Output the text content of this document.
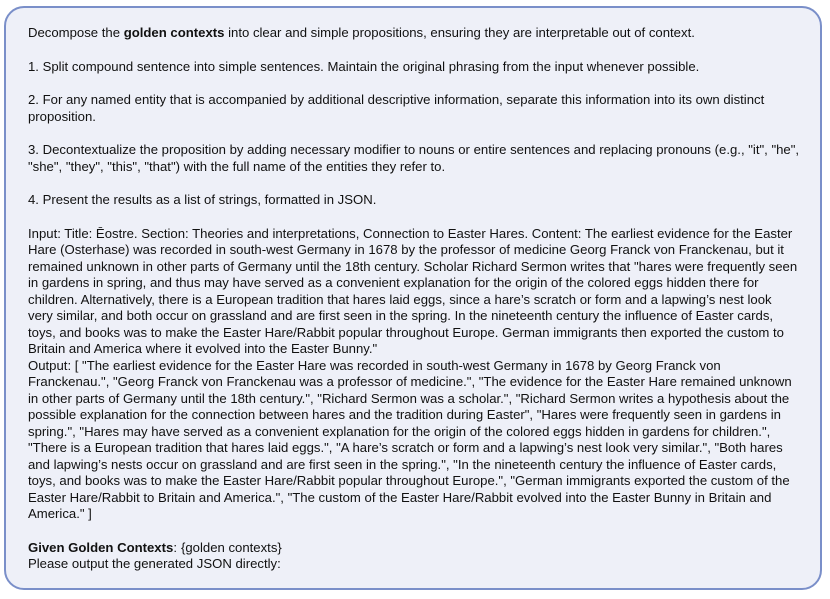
Decompose the golden contexts into clear and simple propositions, ensuring they are interpretable out of context.

1. Split compound sentence into simple sentences. Maintain the original phrasing from the input whenever possible.

2. For any named entity that is accompanied by additional descriptive information, separate this information into its own distinct proposition.

3. Decontextualize the proposition by adding necessary modifier to nouns or entire sentences and replacing pronouns (e.g., "it", "he", "she", "they", "this", "that") with the full name of the entities they refer to.

4. Present the results as a list of strings, formatted in JSON.

Input: Title: Ēostre. Section: Theories and interpretations, Connection to Easter Hares. Content: The earliest evidence for the Easter Hare (Osterhase) was recorded in south-west Germany in 1678 by the professor of medicine Georg Franck von Franckenau, but it remained unknown in other parts of Germany until the 18th century. Scholar Richard Sermon writes that "hares were frequently seen in gardens in spring, and thus may have served as a convenient explanation for the origin of the colored eggs hidden there for children. Alternatively, there is a European tradition that hares laid eggs, since a hare’s scratch or form and a lapwing’s nest look very similar, and both occur on grassland and are first seen in the spring. In the nineteenth century the influence of Easter cards, toys, and books was to make the Easter Hare/Rabbit popular throughout Europe. German immigrants then exported the custom to Britain and America where it evolved into the Easter Bunny."

Output: [ "The earliest evidence for the Easter Hare was recorded in south-west Germany in 1678 by Georg Franck von Franckenau.", "Georg Franck von Franckenau was a professor of medicine.", "The evidence for the Easter Hare remained unknown in other parts of Germany until the 18th century.", "Richard Sermon was a scholar.", "Richard Sermon writes a hypothesis about the possible explanation for the connection between hares and the tradition during Easter", "Hares were frequently seen in gardens in spring.", "Hares may have served as a convenient explanation for the origin of the colored eggs hidden in gardens for children.", "There is a European tradition that hares laid eggs.", "A hare’s scratch or form and a lapwing’s nest look very similar.", "Both hares and lapwing’s nests occur on grassland and are first seen in the spring.", "In the nineteenth century the influence of Easter cards, toys, and books was to make the Easter Hare/Rabbit popular throughout Europe.", "German immigrants exported the custom of the Easter Hare/Rabbit to Britain and America.", "The custom of the Easter Hare/Rabbit evolved into the Easter Bunny in Britain and America." ]

Given Golden Contexts: {golden contexts}

Please output the generated JSON directly:
